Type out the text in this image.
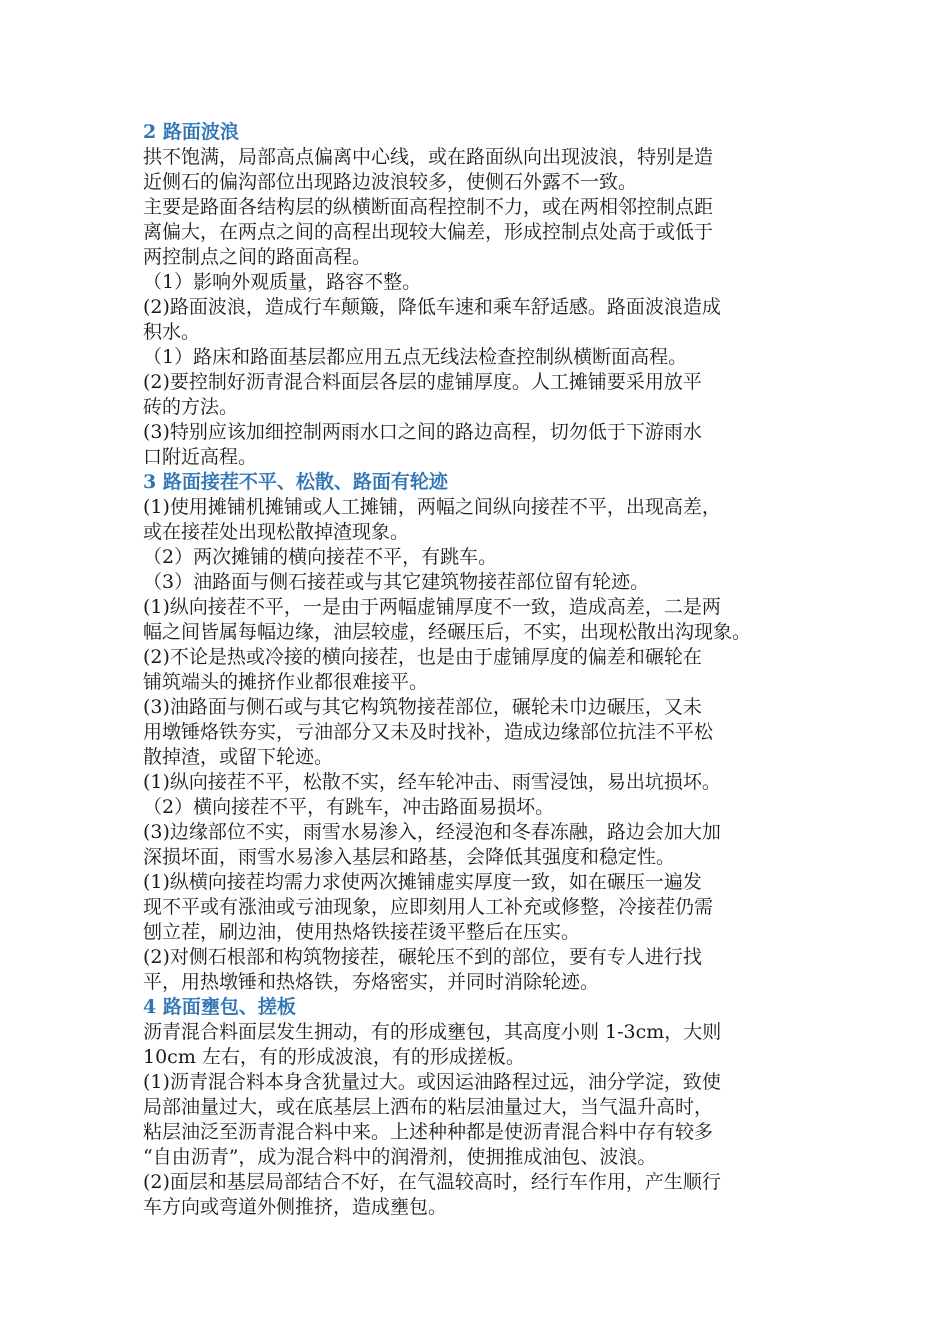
2 路面波浪
拱不饱满，局部高点偏离中心线，或在路面纵向出现波浪，特别是造
近侧石的偏沟部位出现路边波浪较多，使侧石外露不一致。
主要是路面各结构层的纵横断面高程控制不力，或在两相邻控制点距
离偏大，在两点之间的高程出现较大偏差，形成控制点处高于或低于
两控制点之间的路面高程。
（1）影响外观质量，路容不整。
(2)路面波浪，造成行车颠簸，降低车速和乘车舒适感。路面波浪造成
积水。
（1）路床和路面基层都应用五点无线法检查控制纵横断面高程。
(2)要控制好沥青混合料面层各层的虚铺厚度。人工摊铺要采用放平
砖的方法。
(3)特别应该加细控制两雨水口之间的路边高程，切勿低于下游雨水
口附近高程。
3 路面接茬不平、松散、路面有轮迹
(1)使用摊铺机摊铺或人工摊铺，两幅之间纵向接茬不平，出现高差，
或在接茬处出现松散掉渣现象。
（2）两次摊铺的横向接茬不平，有跳车。
（3）油路面与侧石接茬或与其它建筑物接茬部位留有轮迹。
(1)纵向接茬不平，一是由于两幅虚铺厚度不一致，造成高差，二是两
幅之间皆属每幅边缘，油层较虚，经碾压后，不实，出现松散出沟现象。
(2)不论是热或冷接的横向接茬，也是由于虚铺厚度的偏差和碾轮在
铺筑端头的摊挤作业都很难接平。
(3)油路面与侧石或与其它构筑物接茬部位，碾轮未巾边碾压，又未
用墩锤烙铁夯实，亏油部分又未及时找补，造成边缘部位抗洼不平松
散掉渣，或留下轮迹。
(1)纵向接茬不平，松散不实，经车轮冲击、雨雪浸蚀，易出坑损坏。
（2）横向接茬不平，有跳车，冲击路面易损坏。
(3)边缘部位不实，雨雪水易渗入，经浸泡和冬春冻融，路边会加大加
深损坏面，雨雪水易渗入基层和路基，会降低其强度和稳定性。
(1)纵横向接茬均需力求使两次摊铺虚实厚度一致，如在碾压一遍发
现不平或有涨油或亏油现象，应即刻用人工补充或修整，冷接茬仍需
刨立茬，刷边油，使用热烙铁接茬烫平整后在压实。
(2)对侧石根部和构筑物接茬，碾轮压不到的部位，要有专人进行找
平，用热墩锤和热烙铁，夯烙密实，并同时消除轮迹。
4 路面壅包、搓板
沥青混合料面层发生拥动，有的形成壅包，其高度小则 1-3cm，大则
10cm 左右，有的形成波浪，有的形成搓板。
(1)沥青混合料本身含犹量过大。或因运油路程过远，油分学淀，致使
局部油量过大，或在底基层上洒布的粘层油量过大，当气温升高时，
粘层油泛至沥青混合料中来。上述种种都是使沥青混合料中存有较多
“自由沥青”，成为混合料中的润滑剂，使拥推成油包、波浪。
(2)面层和基层局部结合不好，在气温较高时，经行车作用，产生顺行
车方向或弯道外侧推挤，造成壅包。
